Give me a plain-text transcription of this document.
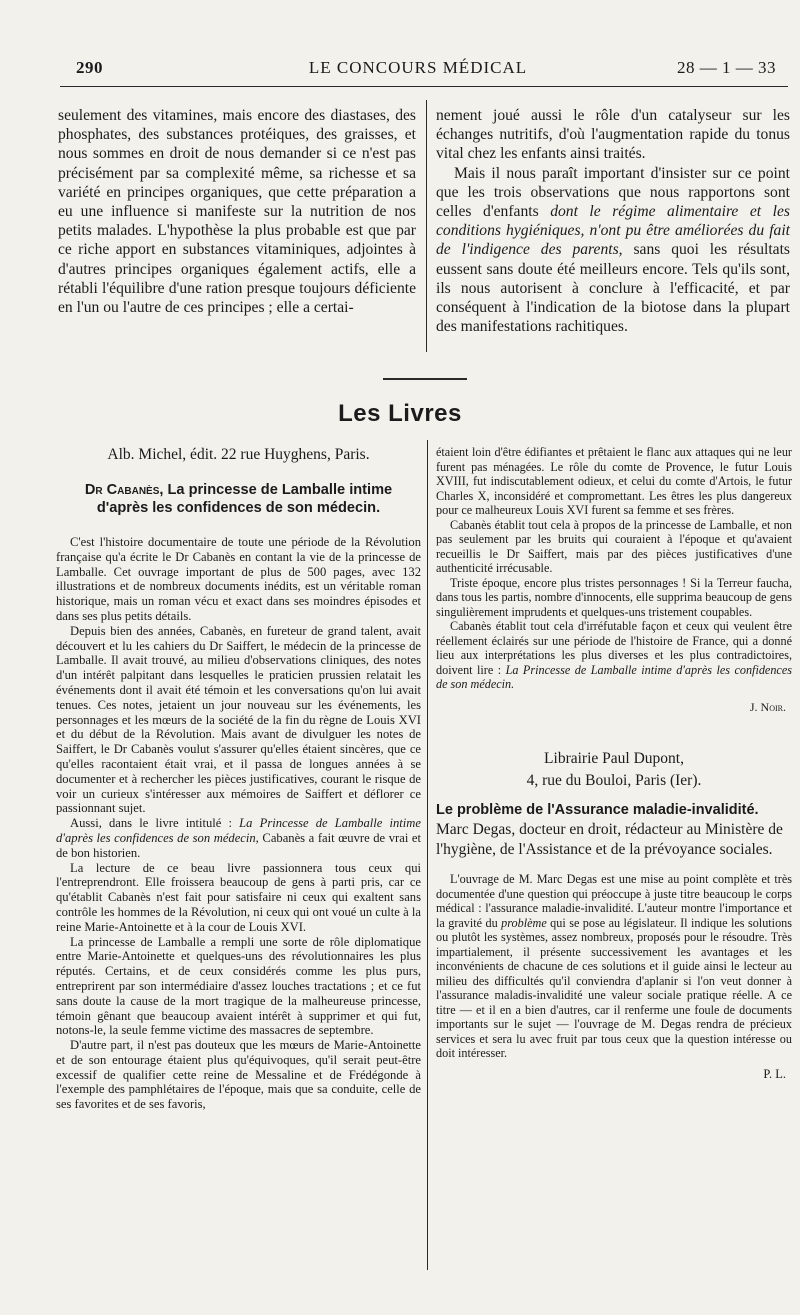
290	LE CONCOURS MÉDICAL	28 — 1 — 33

seulement des vitamines, mais encore des diastases, des phosphates, des substances protéiques, des graisses, et nous sommes en droit de nous demander si ce n'est pas précisément par sa complexité même, sa richesse et sa variété en principes organiques, que cette préparation a eu une influence si manifeste sur la nutrition de nos petits malades. L'hypothèse la plus probable est que par ce riche apport en substances vitaminiques, adjointes à d'autres principes organiques également actifs, elle a rétabli l'équilibre d'une ration presque toujours déficiente en l'un ou l'autre de ces principes ; elle a certai-

nement joué aussi le rôle d'un catalyseur sur les échanges nutritifs, d'où l'augmentation rapide du tonus vital chez les enfants ainsi traités.

Mais il nous paraît important d'insister sur ce point que les trois observations que nous rapportons sont celles d'enfants dont le régime alimentaire et les conditions hygiéniques, n'ont pu être améliorées du fait de l'indigence des parents, sans quoi les résultats eussent sans doute été meilleurs encore. Tels qu'ils sont, ils nous autorisent à conclure à l'efficacité, et par conséquent à l'indication de la biotose dans la plupart des manifestations rachitiques.

Les Livres

Alb. Michel, édit. 22 rue Huyghens, Paris.

Dr Cabanès, La princesse de Lamballe intime d'après les confidences de son médecin.

C'est l'histoire documentaire de toute une période de la Révolution française qu'a écrite le Dr Cabanès en contant la vie de la princesse de Lamballe. Cet ouvrage important de plus de 500 pages, avec 132 illustrations et de nombreux documents inédits, est un véritable roman historique, mais un roman vécu et exact dans ses moindres épisodes et dans ses plus petits détails.

Depuis bien des années, Cabanès, en fureteur de grand talent, avait découvert et lu les cahiers du Dr Saiffert, le médecin de la princesse de Lamballe. Il avait trouvé, au milieu d'observations cliniques, des notes d'un intérêt palpitant dans lesquelles le praticien prussien relatait les événements dont il avait été témoin et les conversations qu'on lui avait tenues. Ces notes, jetaient un jour nouveau sur les événements, les personnages et les mœurs de la société de la fin du règne de Louis XVI et du début de la Révolution. Mais avant de divulguer les notes de Saiffert, le Dr Cabanès voulut s'assurer qu'elles étaient sincères, que ce qu'elles racontaient était vrai, et il passa de longues années à se documenter et à rechercher les pièces justificatives, courant le risque de voir un curieux s'intéresser aux mémoires de Saiffert et déflorer ce passionnant sujet.

Aussi, dans le livre intitulé : La Princesse de Lamballe intime d'après les confidences de son médecin, Cabanès a fait œuvre de vrai et de bon historien.

La lecture de ce beau livre passionnera tous ceux qui l'entreprendront. Elle froissera beaucoup de gens à parti pris, car ce qu'établit Cabanès n'est fait pour satisfaire ni ceux qui exaltent sans contrôle les hommes de la Révolution, ni ceux qui ont voué un culte à la reine Marie-Antoinette et à la cour de Louis XVI.

La princesse de Lamballe a rempli une sorte de rôle diplomatique entre Marie-Antoinette et quelques-uns des révolutionnaires les plus réputés. Certains, et de ceux considérés comme les plus purs, entreprirent par son intermédiaire d'assez louches tractations ; et ce fut sans doute la cause de la mort tragique de la malheureuse princesse, témoin gênant que beaucoup avaient intérêt à supprimer et qui fut, notons-le, la seule femme victime des massacres de septembre.

D'autre part, il n'est pas douteux que les mœurs de Marie-Antoinette et de son entourage étaient plus qu'équivoques, qu'il serait peut-être excessif de qualifier cette reine de Messaline et de Frédégonde à l'exemple des pamphlétaires de l'époque, mais que sa conduite, celle de ses favorites et de ses favoris,

étaient loin d'être édifiantes et prêtaient le flanc aux attaques qui ne leur furent pas ménagées. Le rôle du comte de Provence, le futur Louis XVIII, fut indiscutablement odieux, et celui du comte d'Artois, le futur Charles X, inconsidéré et compromettant. Les êtres les plus dangereux pour ce malheureux Louis XVI furent sa femme et ses frères.

Cabanès établit tout cela à propos de la princesse de Lamballe, et non pas seulement par les bruits qui couraient à l'époque et qu'avaient recueillis le Dr Saiffert, mais par des pièces justificatives d'une authenticité irrécusable.

Triste époque, encore plus tristes personnages ! Si la Terreur faucha, dans tous les partis, nombre d'innocents, elle supprima beaucoup de gens singulièrement imprudents et quelques-uns tristement coupables.

Cabanès établit tout cela d'irréfutable façon et ceux qui veulent être réellement éclairés sur une période de l'histoire de France, qui a donné lieu aux interprétations les plus diverses et les plus contradictoires, doivent lire : La Princesse de Lamballe intime d'après les confidences de son médecin.

J. Noir.

Librairie Paul Dupont,
4, rue du Bouloi, Paris (Ier).

Le problème de l'Assurance maladie-invalidité. Marc Degas, docteur en droit, rédacteur au Ministère de l'hygiène, de l'Assistance et de la prévoyance sociales.

L'ouvrage de M. Marc Degas est une mise au point complète et très documentée d'une question qui préoccupe à juste titre beaucoup le corps médical : l'assurance maladie-invalidité. L'auteur montre l'importance et la gravité du problème qui se pose au législateur. Il indique les solutions ou plutôt les systèmes, assez nombreux, proposés pour le résoudre. Très impartialement, il présente successivement les avantages et les inconvénients de chacune de ces solutions et il guide ainsi le lecteur au milieu des difficultés qu'il conviendra d'aplanir si l'on veut donner à l'assurance maladis-invalidité une valeur sociale pratique réelle. A ce titre — et il en a bien d'autres, car il renferme une foule de documents importants sur le sujet — l'ouvrage de M. Degas rendra de précieux services et sera lu avec fruit par tous ceux que la question intéresse ou doit intéresser.

P. L.
